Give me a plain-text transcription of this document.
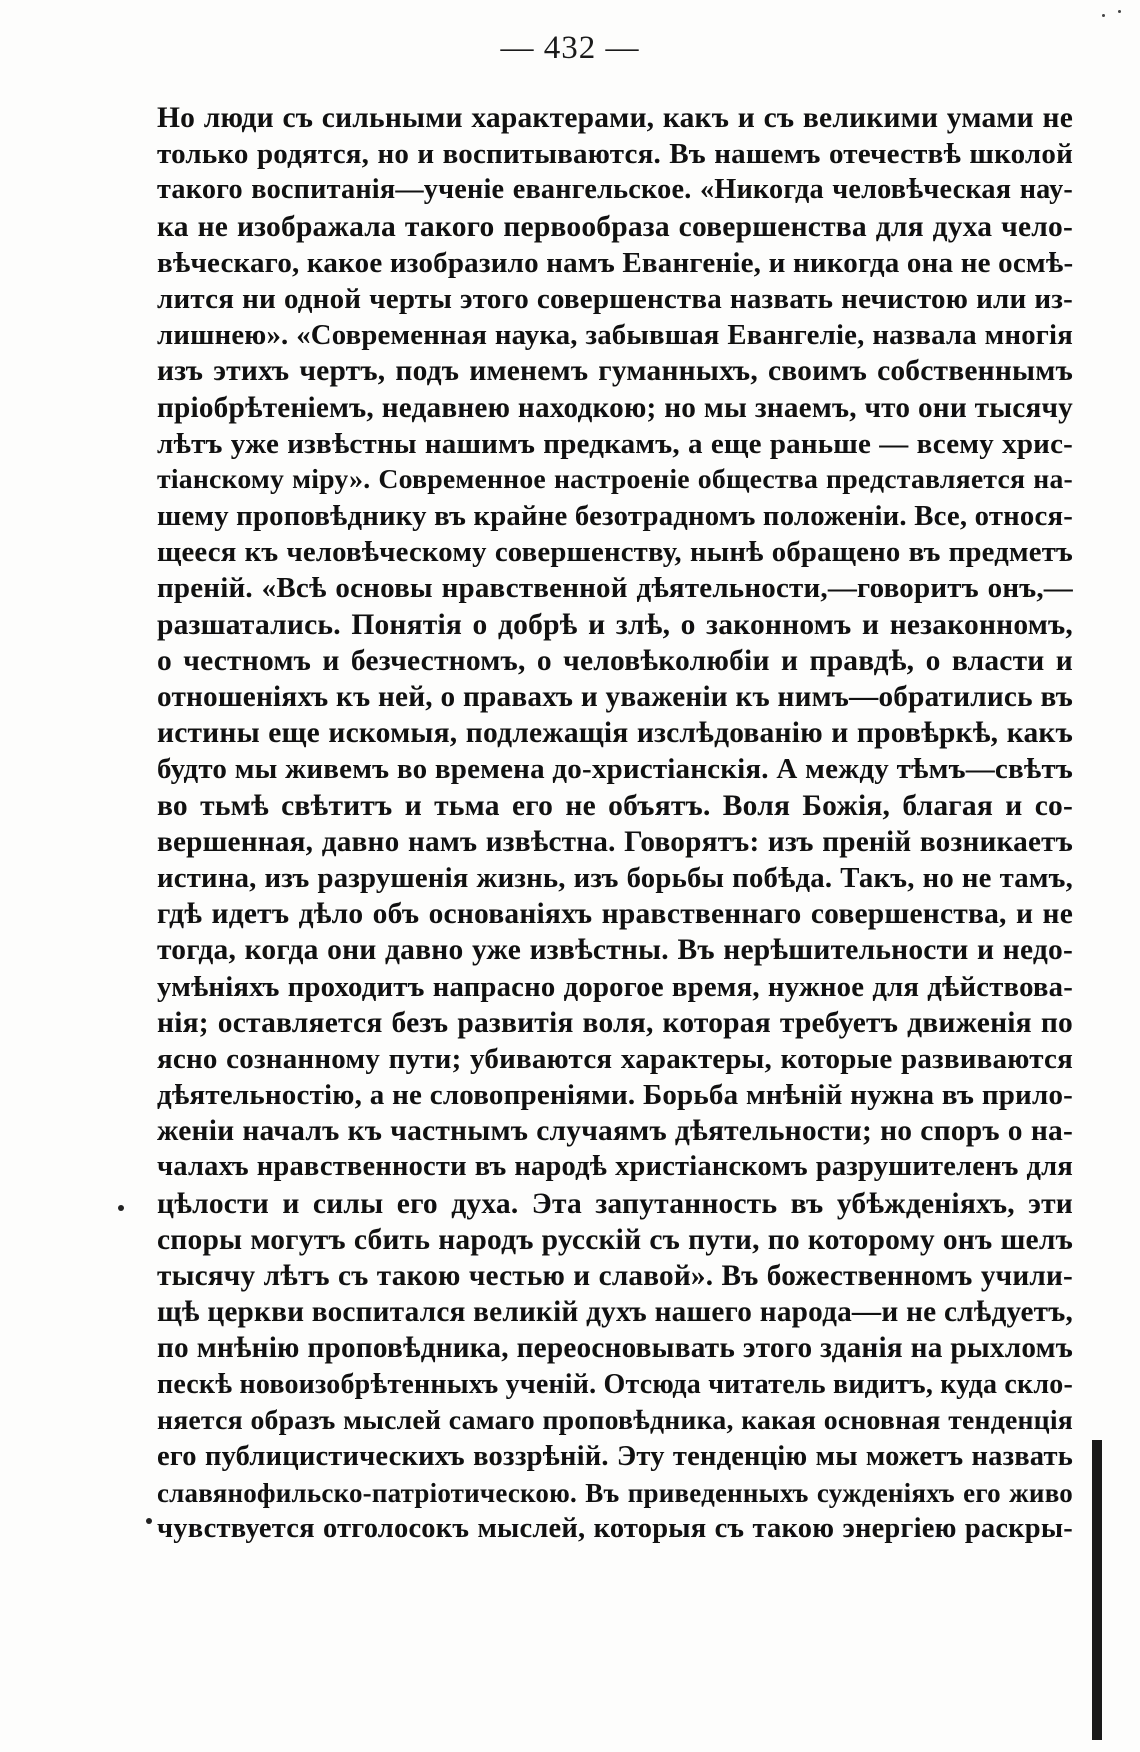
— 432 —
Но люди съ сильными характерами, какъ и съ великими умами не
только родятся, но и воспитываются. Въ нашемъ отечествѣ школой
такого воспитанія—ученіе евангельское. «Никогда человѣческая нау-
ка не изображала такого первообраза совершенства для духа чело-
вѣческаго, какое изобразило намъ Евангеніе, и никогда она не осмѣ-
лится ни одной черты этого совершенства назвать нечистою или из-
лишнею». «Современная наука, забывшая Евангеліе, назвала многія
изъ этихъ чертъ, подъ именемъ гуманныхъ, своимъ собственнымъ
пріобрѣтеніемъ, недавнею находкою; но мы знаемъ, что они тысячу
лѣтъ уже извѣстны нашимъ предкамъ, а еще раньше — всему хрис-
тіанскому міру». Современное настроеніе общества представляется на-
шему проповѣднику въ крайне безотрадномъ положеніи. Все, относя-
щееся къ человѣческому совершенству, нынѣ обращено въ предметъ
преній. «Всѣ основы нравственной дѣятельности,—говоритъ онъ,—
разшатались. Понятія о добрѣ и злѣ, о законномъ и незаконномъ,
о честномъ и безчестномъ, о человѣколюбіи и правдѣ, о власти и
отношеніяхъ къ ней, о правахъ и уваженіи къ нимъ—обратились въ
истины еще искомыя, подлежащія изслѣдованію и провѣркѣ, какъ
будто мы живемъ во времена до-христіанскія. А между тѣмъ—свѣтъ
во тьмѣ свѣтитъ и тьма его не объятъ. Воля Божія, благая и со-
вершенная, давно намъ извѣстна. Говорятъ: изъ преній возникаетъ
истина, изъ разрушенія жизнь, изъ борьбы побѣда. Такъ, но не тамъ,
гдѣ идетъ дѣло объ основаніяхъ нравственнаго совершенства, и не
тогда, когда они давно уже извѣстны. Въ нерѣшительности и недо-
умѣніяхъ проходитъ напрасно дорогое время, нужное для дѣйствова-
нія; оставляется безъ развитія воля, которая требуетъ движенія по
ясно сознанному пути; убиваются характеры, которые развиваются
дѣятельностію, а не словопреніями. Борьба мнѣній нужна въ прило-
женіи началъ къ частнымъ случаямъ дѣятельности; но споръ о на-
чалахъ нравственности въ народѣ христіанскомъ разрушителенъ для
цѣлости и силы его духа. Эта запутанность въ убѣжденіяхъ, эти
споры могутъ сбить народъ русскій съ пути, по которому онъ шелъ
тысячу лѣтъ съ такою честью и славой». Въ божественномъ учили-
щѣ церкви воспитался великій духъ нашего народа—и не слѣдуетъ,
по мнѣнію проповѣдника, переосновывать этого зданія на рыхломъ
пескѣ новоизобрѣтенныхъ ученій. Отсюда читатель видитъ, куда скло-
няется образъ мыслей самаго проповѣдника, какая основная тенденція
его публицистическихъ воззрѣній. Эту тенденцію мы можетъ назвать
славянофильско-патріотическою. Въ приведенныхъ сужденіяхъ его живо
чувствуется отголосокъ мыслей, которыя съ такою энергіею раскры-
